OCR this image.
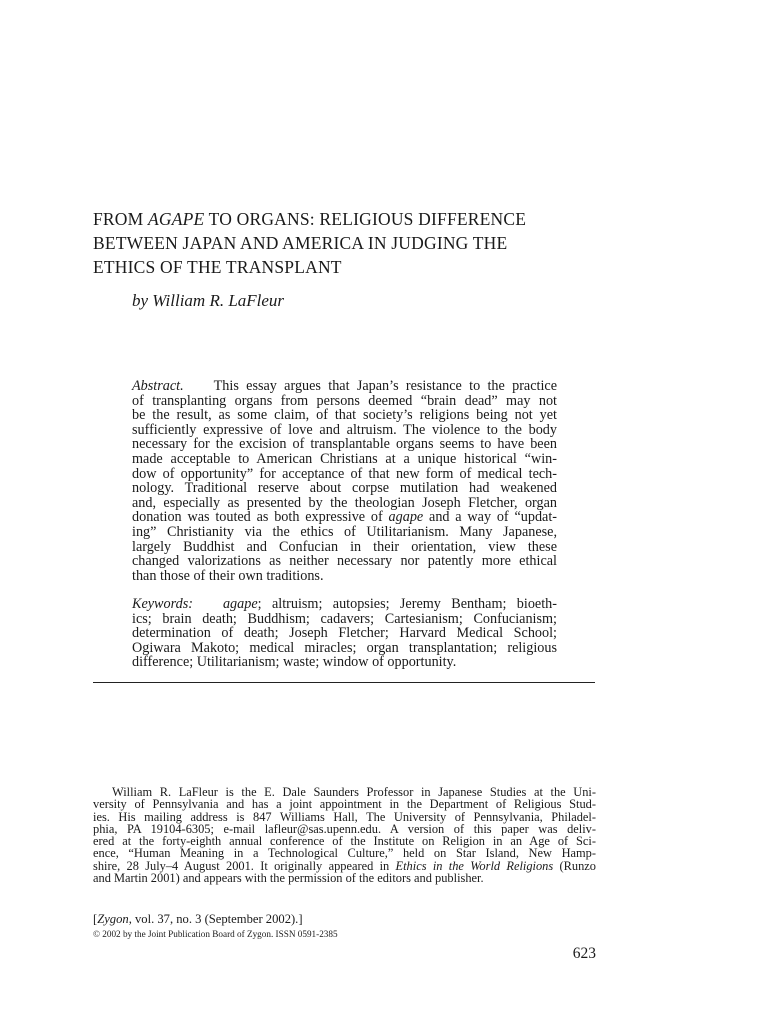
FROM AGAPE TO ORGANS: RELIGIOUS DIFFERENCE
BETWEEN JAPAN AND AMERICA IN JUDGING THE
ETHICS OF THE TRANSPLANT
by William R. LaFleur
Abstract. This essay argues that Japan’s resistance to the practice
of transplanting organs from persons deemed “brain dead” may not
be the result, as some claim, of that society’s religions being not yet
sufficiently expressive of love and altruism. The violence to the body
necessary for the excision of transplantable organs seems to have been
made acceptable to American Christians at a unique historical “win-
dow of opportunity” for acceptance of that new form of medical tech-
nology. Traditional reserve about corpse mutilation had weakened
and, especially as presented by the theologian Joseph Fletcher, organ
donation was touted as both expressive of agape and a way of “updat-
ing” Christianity via the ethics of Utilitarianism. Many Japanese,
largely Buddhist and Confucian in their orientation, view these
changed valorizations as neither necessary nor patently more ethical
than those of their own traditions.
Keywords: agape; altruism; autopsies; Jeremy Bentham; bioeth-
ics; brain death; Buddhism; cadavers; Cartesianism; Confucianism;
determination of death; Joseph Fletcher; Harvard Medical School;
Ogiwara Makoto; medical miracles; organ transplantation; religious
difference; Utilitarianism; waste; window of opportunity.
William R. LaFleur is the E. Dale Saunders Professor in Japanese Studies at the Uni-
versity of Pennsylvania and has a joint appointment in the Department of Religious Stud-
ies. His mailing address is 847 Williams Hall, The University of Pennsylvania, Philadel-
phia, PA 19104-6305; e-mail lafleur@sas.upenn.edu. A version of this paper was deliv-
ered at the forty-eighth annual conference of the Institute on Religion in an Age of Sci-
ence, “Human Meaning in a Technological Culture,” held on Star Island, New Hamp-
shire, 28 July–4 August 2001. It originally appeared in Ethics in the World Religions (Runzo
and Martin 2001) and appears with the permission of the editors and publisher.
[Zygon, vol. 37, no. 3 (September 2002).]
© 2002 by the Joint Publication Board of Zygon. ISSN 0591-2385
623
